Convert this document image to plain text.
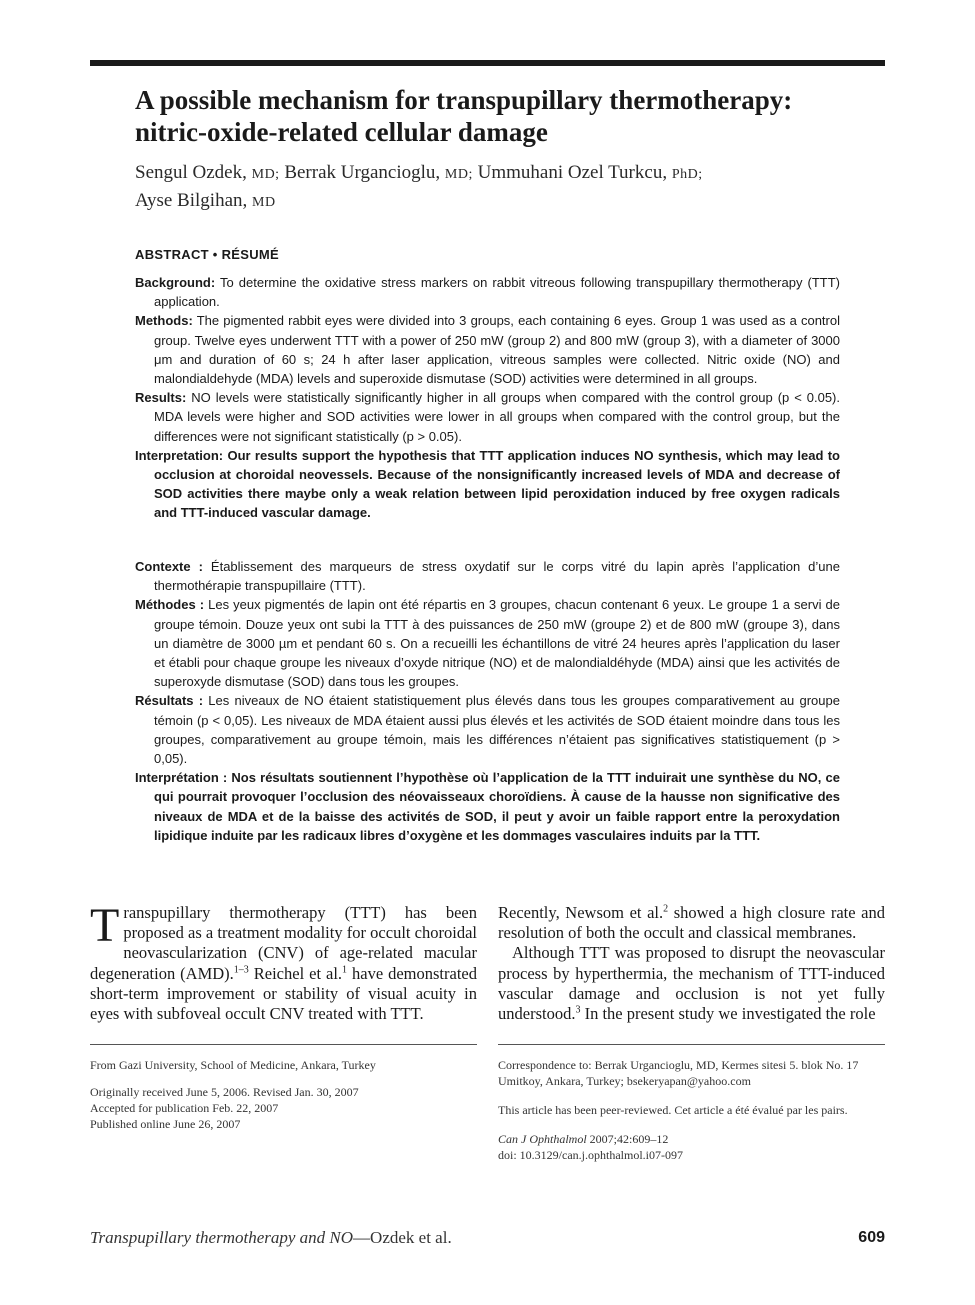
A possible mechanism for transpupillary thermotherapy:
nitric-oxide-related cellular damage
Sengul Ozdek, MD; Berrak Urgancioglu, MD; Ummuhani Ozel Turkcu, PhD;
Ayse Bilgihan, MD
ABSTRACT • RÉSUMÉ

Background: To determine the oxidative stress markers on rabbit vitreous following transpupillary thermotherapy (TTT) application.

Methods: The pigmented rabbit eyes were divided into 3 groups, each containing 6 eyes. Group 1 was used as a control group. Twelve eyes underwent TTT with a power of 250 mW (group 2) and 800 mW (group 3), with a diameter of 3000 μm and duration of 60 s; 24 h after laser application, vitreous samples were collected. Nitric oxide (NO) and malondialdehyde (MDA) levels and superoxide dismutase (SOD) activities were determined in all groups.

Results: NO levels were statistically significantly higher in all groups when compared with the control group (p < 0.05). MDA levels were higher and SOD activities were lower in all groups when compared with the control group, but the differences were not significant statistically (p > 0.05).

Interpretation: Our results support the hypothesis that TTT application induces NO synthesis, which may lead to occlusion at choroidal neovessels. Because of the nonsignificantly increased levels of MDA and decrease of SOD activities there maybe only a weak relation between lipid peroxidation induced by free oxygen radicals and TTT-induced vascular damage.

Contexte : Établissement des marqueurs de stress oxydatif sur le corps vitré du lapin après l’application d’une thermothérapie transpupillaire (TTT).

Méthodes : Les yeux pigmentés de lapin ont été répartis en 3 groupes, chacun contenant 6 yeux. Le groupe 1 a servi de groupe témoin. Douze yeux ont subi la TTT à des puissances de 250 mW (groupe 2) et de 800 mW (groupe 3), dans un diamètre de 3000 µm et pendant 60 s. On a recueilli les échantillons de vitré 24 heures après l’application du laser et établi pour chaque groupe les niveaux d’oxyde nitrique (NO) et de malondialdéhyde (MDA) ainsi que les activités de superoxyde dismutase (SOD) dans tous les groupes.

Résultats : Les niveaux de NO étaient statistiquement plus élevés dans tous les groupes comparativement au groupe témoin (p < 0,05). Les niveaux de MDA étaient aussi plus élevés et les activités de SOD étaient moindre dans tous les groupes, comparativement au groupe témoin, mais les différences n’étaient pas significatives statistiquement (p > 0,05).

Interprétation : Nos résultats soutiennent l’hypothèse où l’application de la TTT induirait une synthèse du NO, ce qui pourrait provoquer l’occlusion des néovaisseaux choroïdiens. À cause de la hausse non significative des niveaux de MDA et de la baisse des activités de SOD, il peut y avoir un faible rapport entre la peroxydation lipidique induite par les radicaux libres d’oxygène et les dommages vasculaires induits par la TTT.

Transpupillary thermotherapy (TTT) has been proposed as a treatment modality for occult choroidal neovascularization (CNV) of age-related macular degeneration (AMD).$^{1-3}$ Reichel et al.$^1$ have demonstrated short-term improvement or stability of visual acuity in eyes with subfoveal occult CNV treated with TTT.

Recently, Newsom et al.$^2$ showed a high closure rate and resolution of both the occult and classical membranes.

Although TTT was proposed to disrupt the neovascular process by hyperthermia, the mechanism of TTT-induced vascular damage and occlusion is not yet fully understood.$^3$ In the present study we investigated the role

From Gazi University, School of Medicine, Ankara, Turkey

Originally received June 5, 2006. Revised Jan. 30, 2007

Accepted for publication Feb. 22, 2007

Published online June 26, 2007

Correspondence to: Berrak Urgancioglu, MD, Kermes sitesi 5. blok No. 17

Umitkoy, Ankara, Turkey; bsekeryapan@yahoo.com

This article has been peer-reviewed. Cet article a été évalué par les pairs.

Can J Ophthalmol 2007;42:609–12

doi: 10.3129/can.j.ophthalmol.i07-097

Transpupillary thermotherapy and NO—Ozdek et al.	609
